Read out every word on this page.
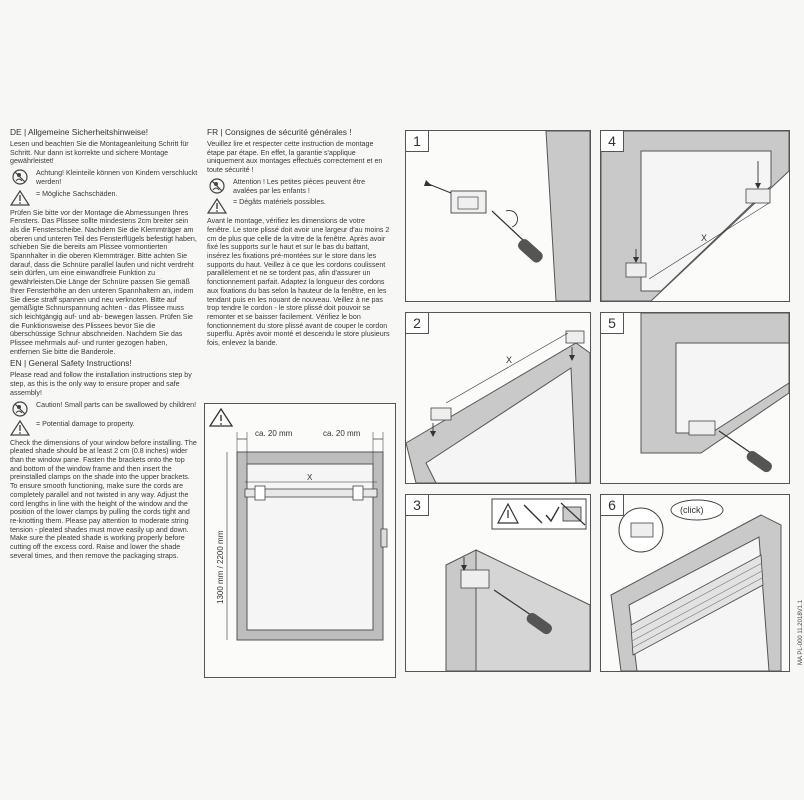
DE | Allgemeine Sicherheitshinweise!

Lesen und beachten Sie die Montageanleitung Schritt für Schritt. Nur dann ist korrekte und sichere Montage gewährleistet!

Achtung! Kleinteile können von Kindern verschluckt werden!
= Mögliche Sachschäden.

Prüfen Sie bitte vor der Montage die Abmessungen Ihres Fensters. Das Plissee sollte mindestens 2cm breiter sein als die Fensterscheibe. Nachdem Sie die Klemmträger am oberen und unteren Teil des Fensterflügels befestigt haben, schieben Sie die bereits am Plissee vormontierten Spannhalter in die oberen Klemmträger. Bitte achten Sie darauf, dass die Schnüre parallel laufen und nicht verdreht sein dürfen, um eine einwandfreie Funktion zu gewährleisten.Die Länge der Schnüre passen Sie gemäß Ihrer Fensterhöhe an den unteren Spannhaltern an, indem Sie diese straff spannen und neu verknoten. Bitte auf gemäßigte Schnurspannung achten - das Plissee muss sich leichtgängig auf- und ab- bewegen lassen. Prüfen Sie die Funktionsweise des Plissees bevor Sie die überschüssige Schnur abschneiden. Nachdem Sie das Plissee mehrmals auf- und runter gezogen haben, entfernen Sie bitte die Banderole.

EN | General Safety Instructions!

Please read and follow the installation instructions step by step, as this is the only way to ensure proper and safe assembly!

Caution! Small parts can be swallowed by children!
= Potential damage to property.

Check the dimensions of your window before installing. The pleated shade should be at least 2 cm (0.8 inches) wider than the window pane. Fasten the brackets onto the top and bottom of the window frame and then insert the preinstalled clamps on the shade into the upper brackets. To ensure smooth functioning, make sure the cords are completely parallel and not twisted in any way. Adjust the cord lengths in line with the height of the window and the position of the lower clamps by pulling the cords tight and re-knotting them. Please pay attention to moderate string tension - pleated shades must move easily up and down. Make sure the pleated shade is working properly before cutting off the excess cord. Raise and lower the shade several times, and then remove the packaging straps.

FR | Consignes de sécurité générales !

Veuillez lire et respecter cette instruction de montage étape par étape. En effet, la garantie s'applique uniquement aux montages effectués correctement et en toute sécurité !

Attention ! Les petites pièces peuvent être avalées par les enfants !
= Dégâts matériels possibles.

Avant le montage, vérifiez les dimensions de votre fenêtre. Le store plissé doit avoir une largeur d'au moins 2 cm de plus que celle de la vitre de la fenêtre. Après avoir fixé les supports sur le haut et sur le bas du battant, insérez les fixations pré-montées sur le store dans les supports du haut. Veillez à ce que les cordons coulissent parallèlement et ne se tordent pas, afin d'assurer un fonctionnement parfait. Adaptez la longueur des cordons aux fixations du bas selon la hauteur de la fenêtre, en les tendant puis en les nouant de nouveau. Veillez à ne pas trop tendre le cordon - le store plissé doit pouvoir se remonter et se baisser facilement. Vérifiez le bon fonctionnement du store plissé avant de couper le cordon superflu. Après avoir monté et descendu le store plusieurs fois, enlevez la bande.

ca. 20 mm	ca. 20 mm
X
1300 mm / 2200 mm
1	4
X
2
X
5
3	6	(click)
MA PL-000 11.2018V1.1
